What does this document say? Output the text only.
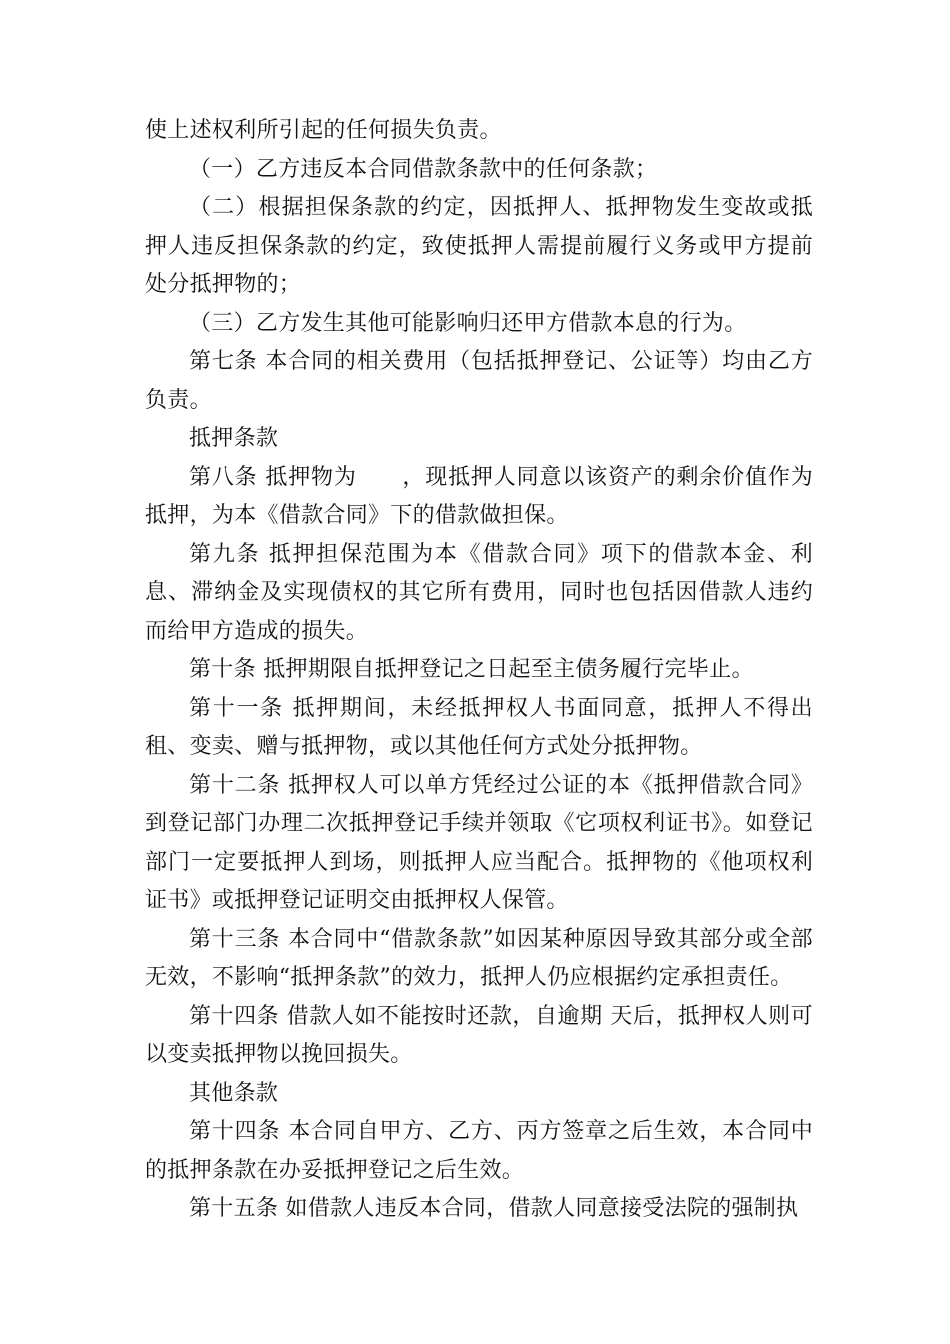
使上述权利所引起的任何损失负责。

（一）乙方违反本合同借款条款中的任何条款；

（二）根据担保条款的约定，因抵押人、抵押物发生变故或抵押人违反担保条款的约定，致使抵押人需提前履行义务或甲方提前处分抵押物的；

（三）乙方发生其他可能影响归还甲方借款本息的行为。

第七条 本合同的相关费用（包括抵押登记、公证等）均由乙方负责。

抵押条款

第八条 抵押物为　　，现抵押人同意以该资产的剩余价值作为抵押，为本《借款合同》下的借款做担保。

第九条 抵押担保范围为本《借款合同》项下的借款本金、利息、滞纳金及实现债权的其它所有费用，同时也包括因借款人违约而给甲方造成的损失。

第十条 抵押期限自抵押登记之日起至主债务履行完毕止。

第十一条 抵押期间，未经抵押权人书面同意，抵押人不得出租、变卖、赠与抵押物，或以其他任何方式处分抵押物。

第十二条 抵押权人可以单方凭经过公证的本《抵押借款合同》到登记部门办理二次抵押登记手续并领取《它项权利证书》。如登记部门一定要抵押人到场，则抵押人应当配合。抵押物的《他项权利证书》或抵押登记证明交由抵押权人保管。

第十三条 本合同中“借款条款”如因某种原因导致其部分或全部无效，不影响“抵押条款”的效力，抵押人仍应根据约定承担责任。

第十四条 借款人如不能按时还款，自逾期 天后，抵押权人则可以变卖抵押物以挽回损失。

其他条款

第十四条 本合同自甲方、乙方、丙方签章之后生效，本合同中的抵押条款在办妥抵押登记之后生效。

第十五条 如借款人违反本合同，借款人同意接受法院的强制执
